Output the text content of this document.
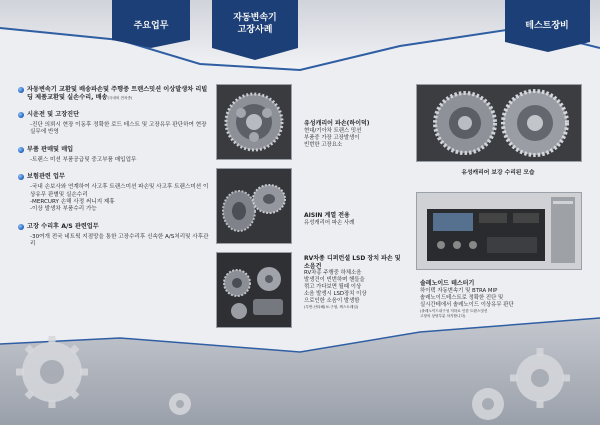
주요업무
자동변속기
고장사례	테스트장비
자동변속기 교환및 배송파손및 주행중 트랜스밋션 이상발생차 리빌딩 제품교환및 실손수리, 배송(국내외 전차종)
시운전 및 고장진단
-진단 의뢰시 현장 이동후 정확한 로드 테스트 및 고장유무 판단하여 현장 실무에 반영
부품 판매및 매입
-트랜스 미션 부품공급및 중고부품 매입업무
보험관련 업무
-국내 손보사와 연계하여 사고후 트랜스미션 파손및 사고후 트랜스미션 이상유무 판별및 실손수리
-MERCURY 손해 사정 써니지 제휴
-이상 발생차 부품수리 가능
고장 수리후 A/S 관련업무
-30여개 전국 네트웍 지점망을 통한 고장수리후 신속한 A/S처리및 사후관리
유성캐리어 파손(하이덕)
현대/기아차 트랜스 밋션
부품중 가장 고장발생이
빈번한 고장요소
AISIN 계열 전용
유성캐리어 파손 사례
RV차종 디퍼런셜 LSD 장치 파손 및 소음건
RV차종 주행중 하체소음
발생건이 빈번하며 핸들을
꺾고 가다보면 될때 이상
소음 발생시 LSD장치 이상
으로인한 소음이 발생함
(투싼-산타페(보-구형, 렉스트레일)
유성캐리어 보강 수리된 모습
솔레노이드 테스터기
하이텍 자동변속기 및 BTRA MIP
솔레노이드테스트로 정확한 진단 및
실시간테에서 솔레노이드 이상유무 판단
(솔레노이드내구성 저하로 인한 트랜스밋션
고장의 상당부분 차지합니다)
